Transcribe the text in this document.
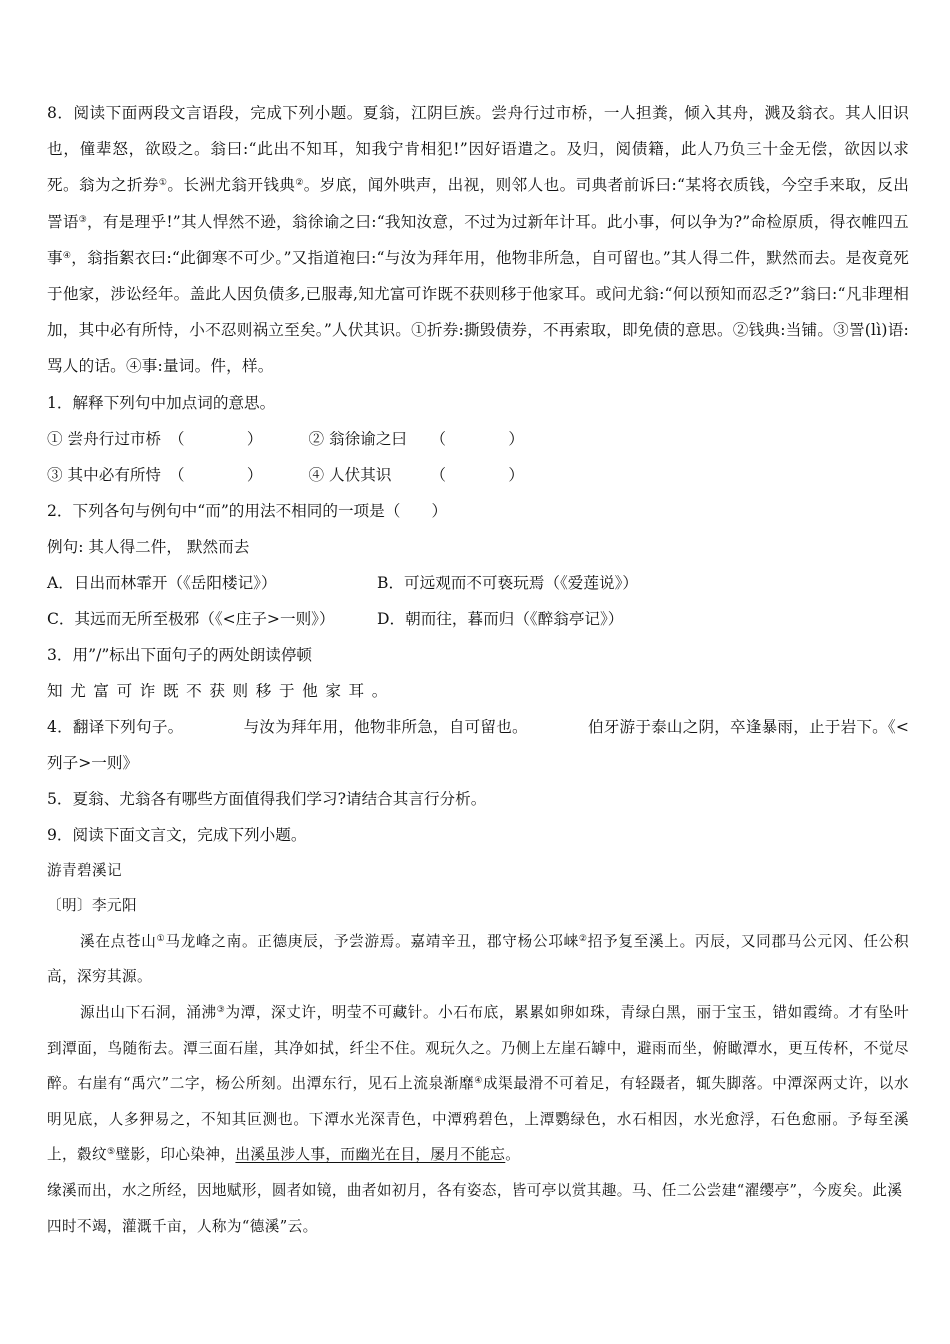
8．阅读下面两段文言语段，完成下列小题。夏翁，江阴巨族。尝舟行过市桥，一人担粪，倾入其舟，溅及翁衣。其人旧识也，僮辈怒，欲殴之。翁曰:“此出不知耳，知我宁肯相犯!”因好语遣之。及归，阅债籍，此人乃负三十金无偿，欲因以求死。翁为之折券①。长洲尤翁开钱典②。岁底，闻外哄声，出视，则邻人也。司典者前诉曰:“某将衣质钱，今空手来取，反出詈语③，有是理乎!”其人悍然不逊，翁徐谕之曰:“我知汝意，不过为过新年计耳。此小事，何以争为?”命检原质，得衣帷四五事④，翁指絮衣曰:“此御寒不可少。”又指道袍曰:“与汝为拜年用，他物非所急，自可留也。”其人得二件，默然而去。是夜竟死于他家，涉讼经年。盖此人因负债多,已服毒,知尤富可诈既不获则移于他家耳。或问尤翁:“何以预知而忍乏?”翁曰:“凡非理相加，其中必有所恃，小不忍则祸立至矣。”人伏其识。①折券:撕毁债券，不再索取，即免债的意思。②钱典:当铺。③詈(lì)语:骂人的话。④事:量词。件，样。

1．解释下列句中加点词的意思。

① 尝舟行过市桥　（　　　　）	② 翁徐谕之曰　　（　　　　）
③ 其中必有所恃　（　　　　）	④ 人伏其识　　　（　　　　）

2．下列各句与例句中“而”的用法不相同的一项是（　　）

例句: 其人得二件， 默然而去

A．日出而林霏开（《岳阳楼记》）	B．可远观而不可亵玩焉（《爱莲说》）
C．其远而无所至极邪（《<庄子>一则》）	D．朝而往，暮而归（《醉翁亭记》）

3．用”/”标出下面句子的两处朗读停顿

知尤富可诈既不获则移于他家耳。

4．翻译下列句子。	与汝为拜年用，他物非所急，自可留也。	伯牙游于泰山之阴，卒逢暴雨，止于岩下。《<列子>一则》

5．夏翁、尤翁各有哪些方面值得我们学习?请结合其言行分析。

9．阅读下面文言文，完成下列小题。

游青碧溪记

〔明〕李元阳

溪在点苍山①马龙峰之南。正德庚辰，予尝游焉。嘉靖辛丑，郡守杨公邛崃②招予复至溪上。丙辰，又同郡马公元冈、任公积高，深穷其源。

源出山下石洞，涌沸③为潭，深丈许，明莹不可藏针。小石布底，累累如卵如珠，青绿白黑，丽于宝玉，错如霞绮。才有坠叶到潭面，鸟随衔去。潭三面石崖，其净如拭，纤尘不住。观玩久之。乃侧上左崖石罅中，避雨而坐，俯瞰潭水，更互传杯，不觉尽醉。右崖有“禹穴”二字，杨公所刻。出潭东行，见石上流泉渐靡④成渠最滑不可着足，有轻蹑者，辄失脚落。中潭深两丈许，以水明见底，人多狎易之，不知其叵测也。下潭水光深青色，中潭鸦碧色，上潭鹦绿色，水石相因，水光愈浮，石色愈丽。予每至溪上，縠纹⑤璧影，印心染神，出溪虽涉人事，而幽光在目，屡月不能忘。

缘溪而出，水之所经，因地赋形，圆者如镜，曲者如初月，各有姿态，皆可亭以赏其趣。马、任二公尝建“濯缨亭”，今废矣。此溪四时不竭，灌溉千亩，人称为“德溪”云。
